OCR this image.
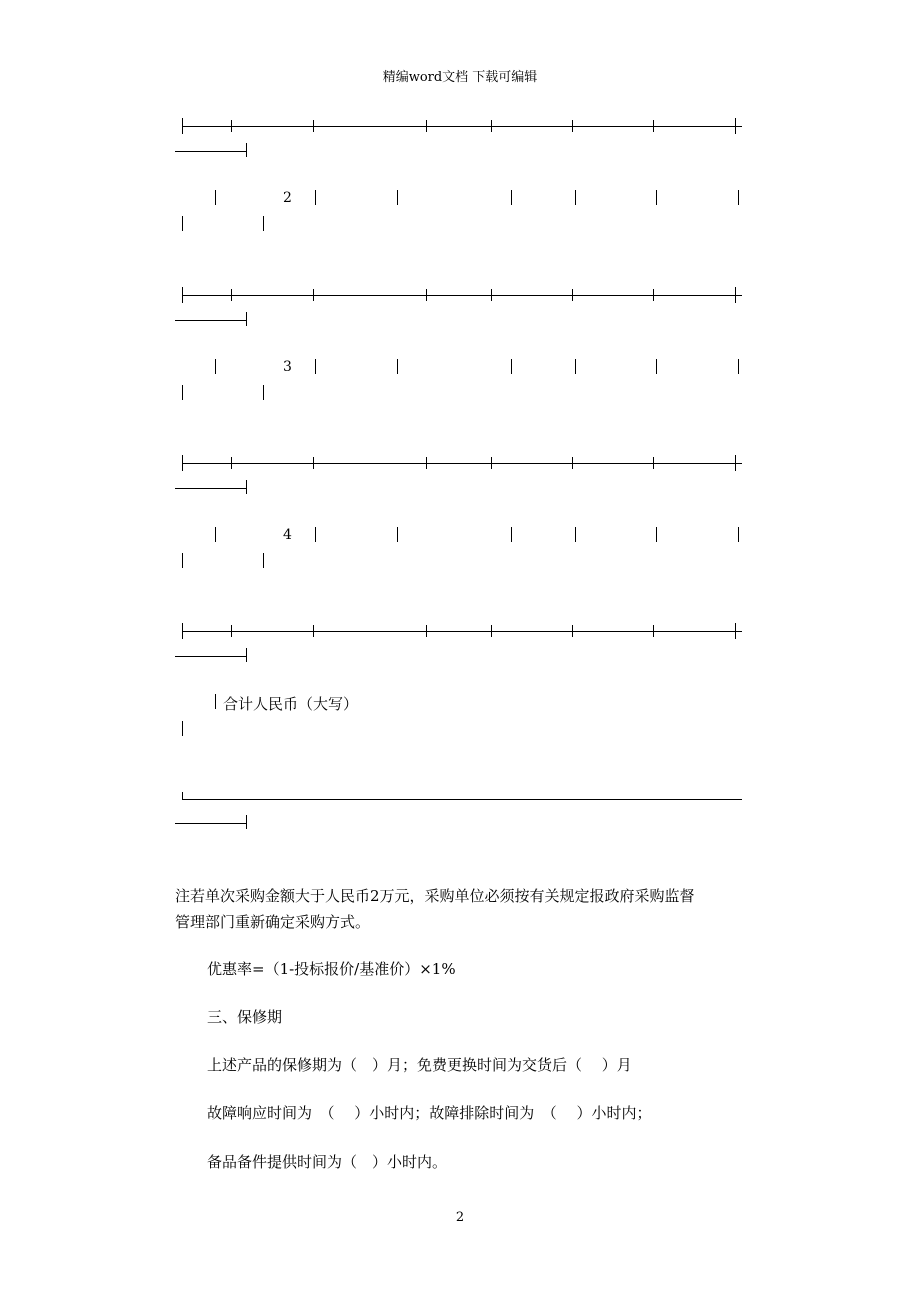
精编word文档 下载可编辑
2
3
4
合计人民币（大写）
注若单次采购金额大于人民币2万元，采购单位必须按有关规定报政府采购监督
管理部门重新确定采购方式。
优惠率=（1-投标报价/基准价）×1%
三、保修期
上述产品的保修期为（　）月；免费更换时间为交货后（　 ）月
故障响应时间为　（　 ）小时内；故障排除时间为　（　 ）小时内；
备品备件提供时间为（　）小时内。
2
